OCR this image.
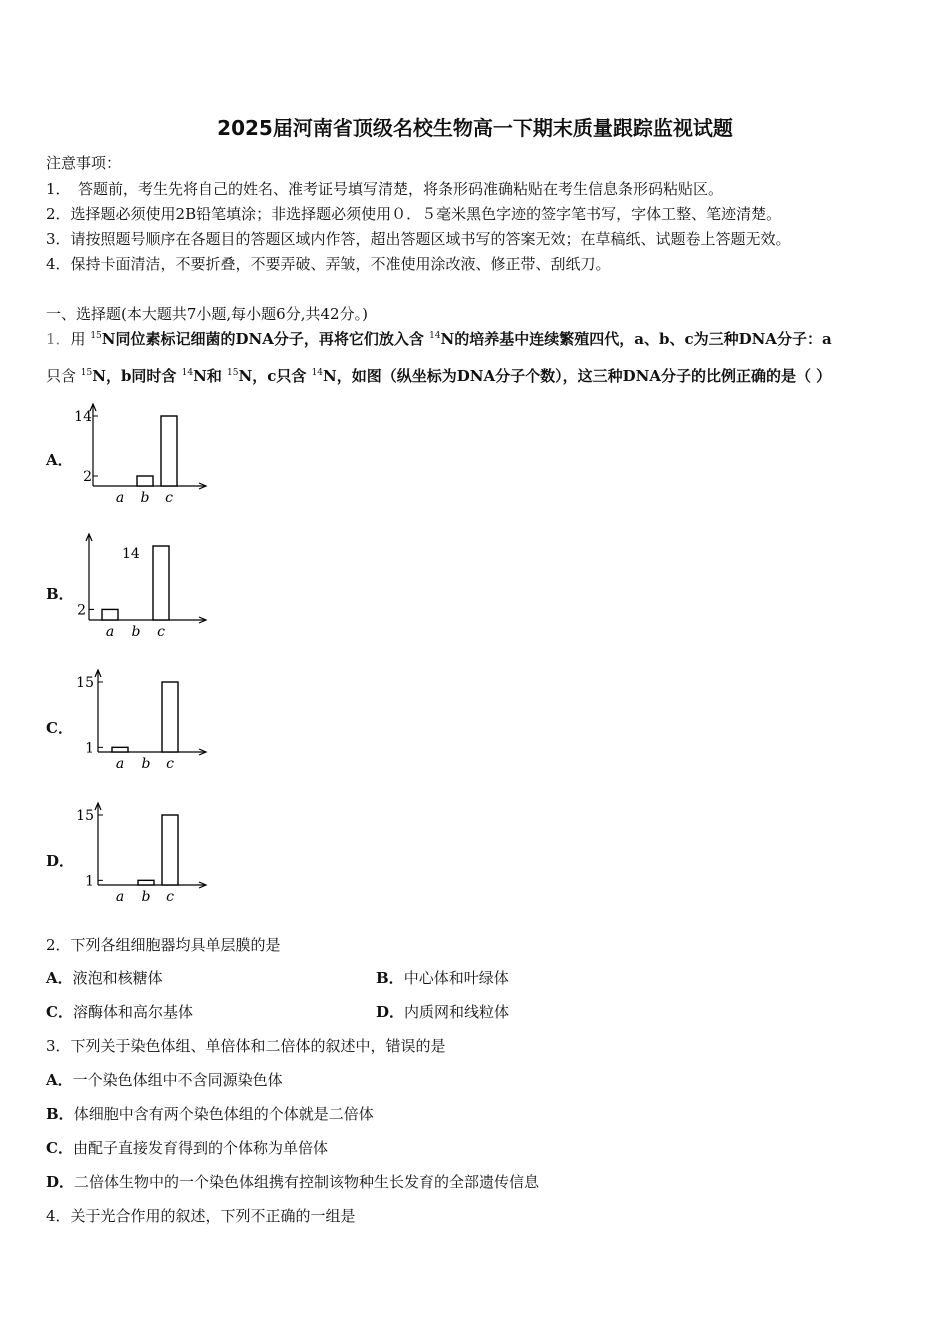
2025届河南省顶级名校生物高一下期末质量跟踪监视试题
注意事项：
1．　答题前，考生先将自己的姓名、准考证号填写清楚，将条形码准确粘贴在考生信息条形码粘贴区。
2．选择题必须使用2B铅笔填涂；非选择题必须使用０．５毫米黑色字迹的签字笔书写，字体工整、笔迹清楚。
3．请按照题号顺序在各题目的答题区域内作答，超出答题区域书写的答案无效；在草稿纸、试题卷上答题无效。
4．保持卡面清洁，不要折叠，不要弄破、弄皱，不准使用涂改液、修正带、刮纸刀。
一、选择题(本大题共7小题,每小题6分,共42分。)
1．用 $^{15}$N同位素标记细菌的DNA分子，再将它们放入含 $^{14}$N的培养基中连续繁殖四代，a、b、c为三种DNA分子：a
只含 $^{15}$N，b同时含 $^{14}$N和 $^{15}$N，c只含 $^{14}$N，如图（纵坐标为DNA分子个数），这三种DNA分子的比例正确的是（ ）
A．
B．
C．
D．
14
2
a b c
14
2
a b c
15
1
a b c
15
1
a b c
2．下列各组细胞器均具单层膜的是
A．液泡和核糖体	B．中心体和叶绿体
C．溶酶体和高尔基体	D．内质网和线粒体
3．下列关于染色体组、单倍体和二倍体的叙述中，错误的是
A．一个染色体组中不含同源染色体
B．体细胞中含有两个染色体组的个体就是二倍体
C．由配子直接发育得到的个体称为单倍体
D．二倍体生物中的一个染色体组携有控制该物种生长发育的全部遗传信息
4．关于光合作用的叙述，下列不正确的一组是
